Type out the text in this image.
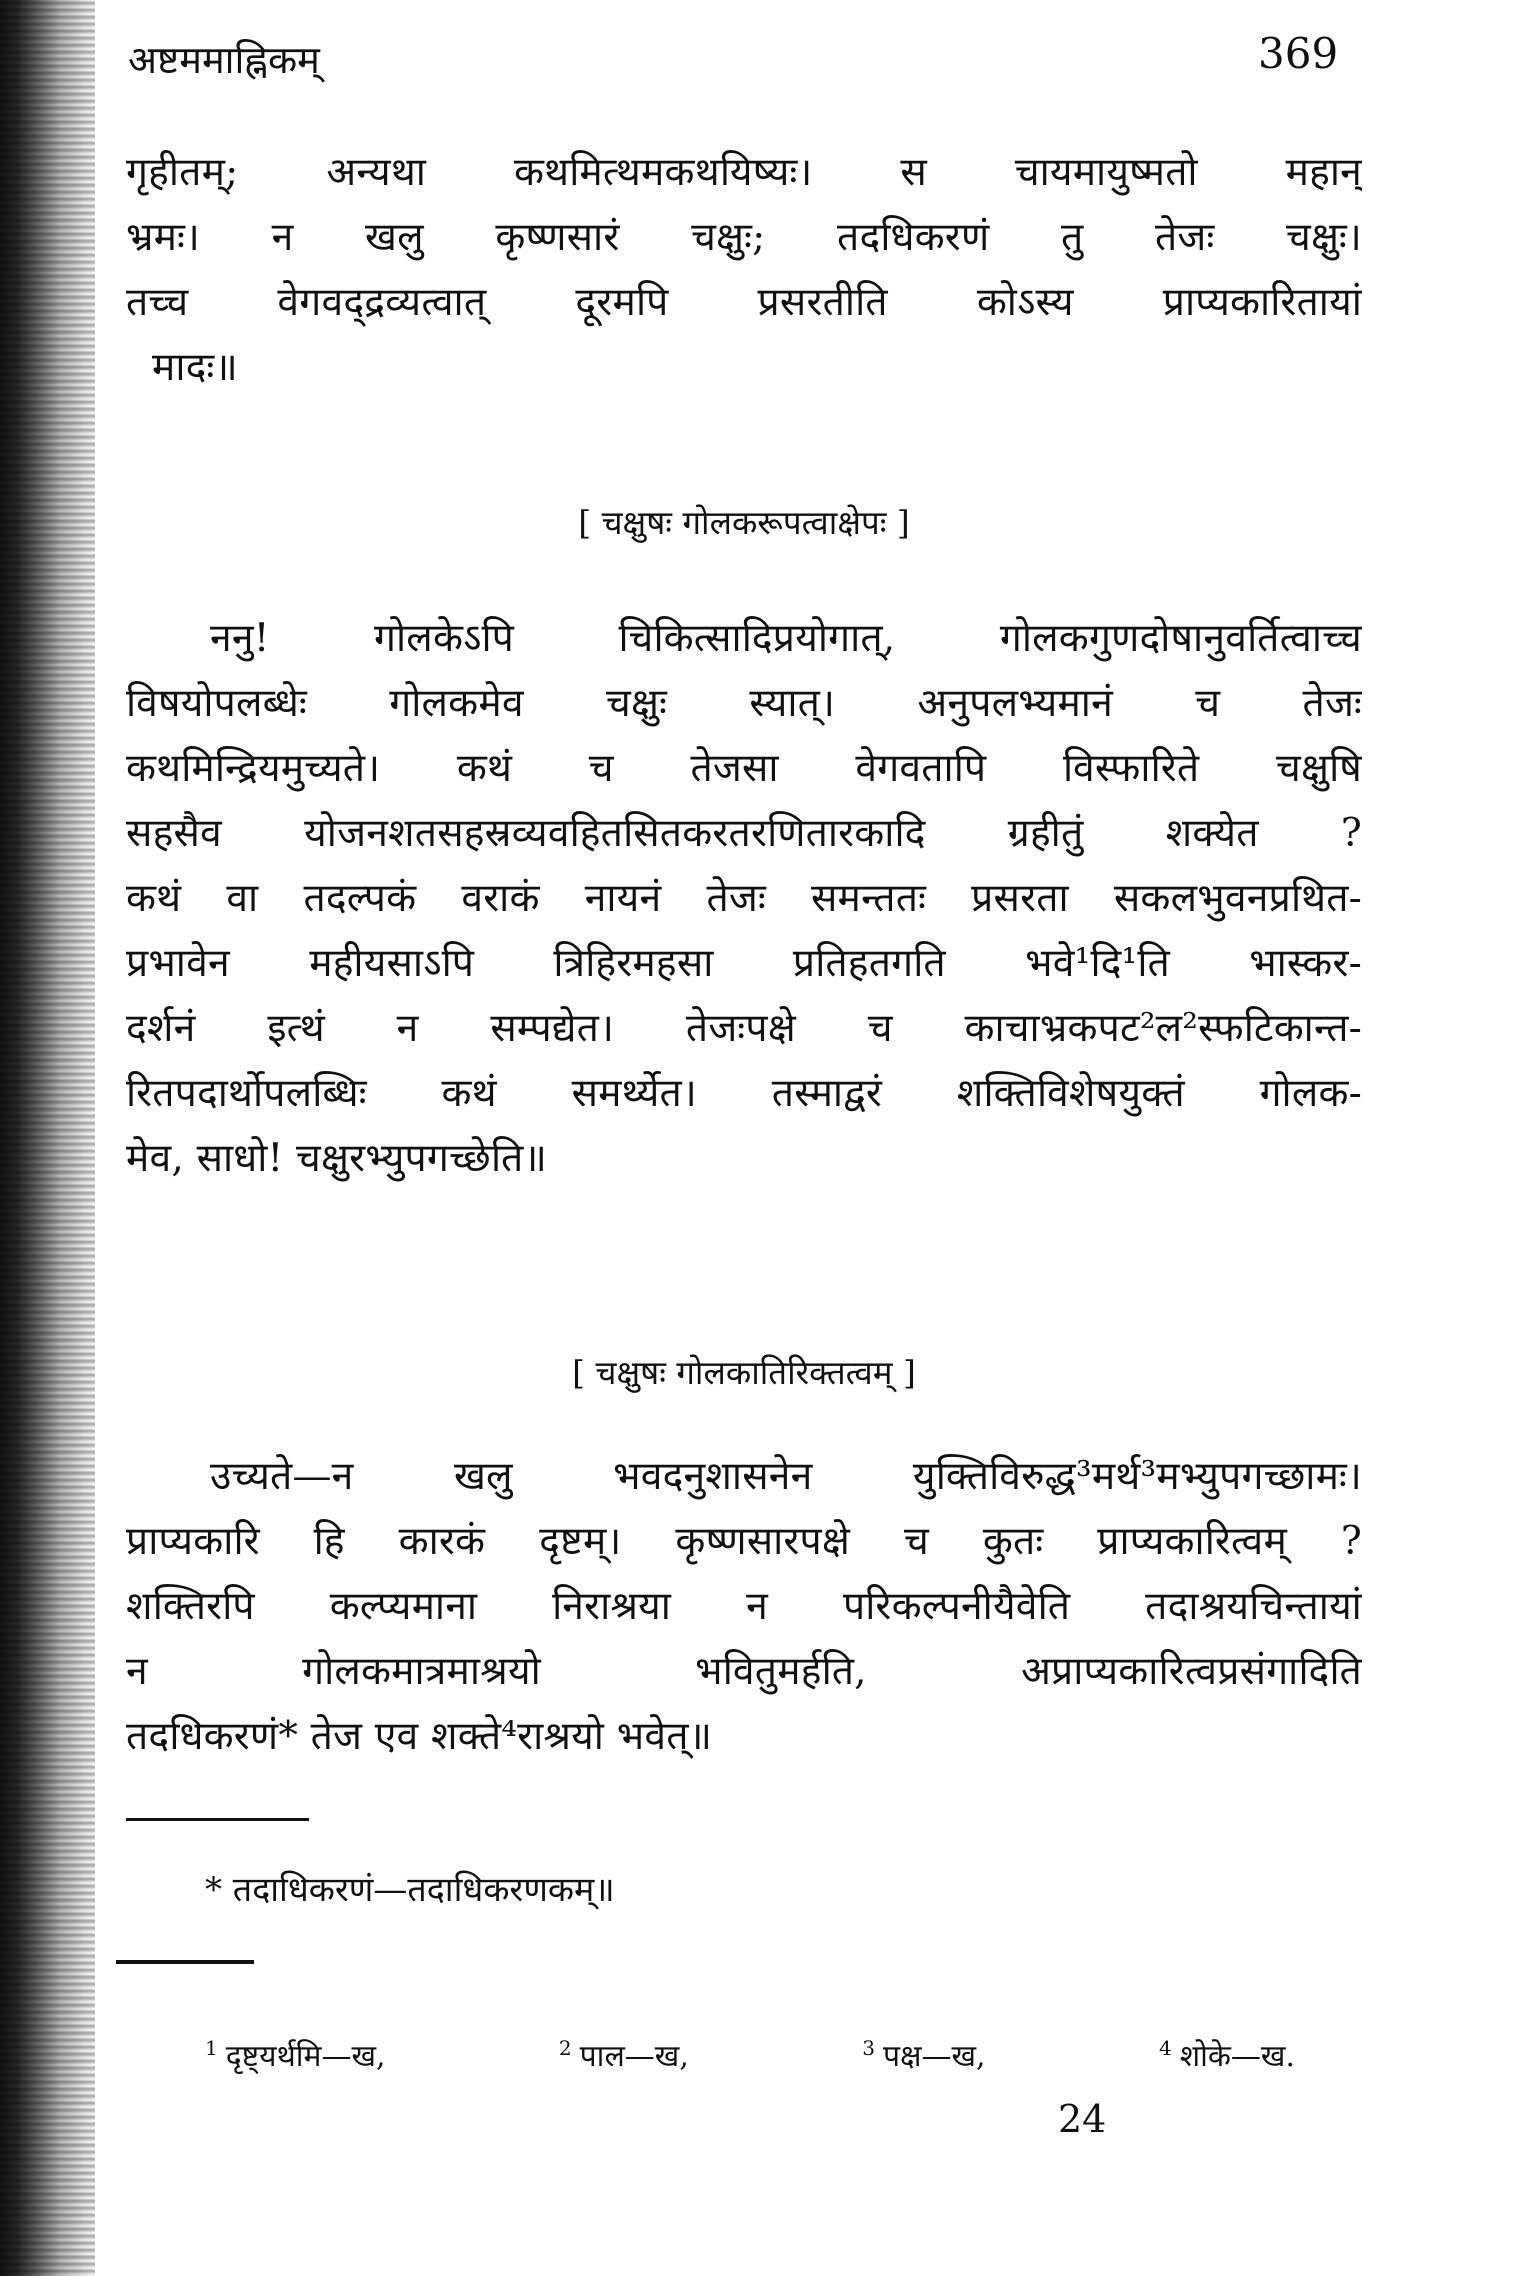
अष्टममाह्निकम्	369
गृहीतम्; अन्यथा कथमित्थमकथयिष्यः। स चायमायुष्मतो महान्
भ्रमः। न खलु कृष्णसारं चक्षुः; तदधिकरणं तु तेजः चक्षुः।
तच्च वेगवद्द्रव्यत्वात् दूरमपि प्रसरतीति कोऽस्य प्राप्यकारितायां
मादः॥
[ चक्षुषः गोलकरूपत्वाक्षेपः ]
ननु! गोलकेऽपि चिकित्सादिप्रयोगात्, गोलकगुणदोषानुवर्तित्वाच्च
विषयोपलब्धेः गोलकमेव चक्षुः स्यात्। अनुपलभ्यमानं च तेजः
कथमिन्द्रियमुच्यते। कथं च तेजसा वेगवतापि विस्फारिते चक्षुषि
सहसैव योजनशतसहस्रव्यवहितसितकरतरणितारकादि ग्रहीतुं शक्येत ?
कथं वा तदल्पकं वराकं नायनं तेजः समन्ततः प्रसरता सकलभुवनप्रथित-
प्रभावेन महीयसाऽपि त्रिहिरमहसा प्रतिहतगति भवे¹दि¹ति भास्कर-
दर्शनं इत्थं न सम्पद्येत। तेजःपक्षे च काचाभ्रकपट²ल²स्फटिकान्त-
रितपदार्थोपलब्धिः कथं समर्थ्येत। तस्माद्वरं शक्तिविशेषयुक्तं गोलक-
मेव, साधो! चक्षुरभ्युपगच्छेति॥
[ चक्षुषः गोलकातिरिक्तत्वम् ]
उच्यते—न खलु भवदनुशासनेन युक्तिविरुद्ध³मर्थ³मभ्युपगच्छामः।
प्राप्यकारि हि कारकं दृष्टम्। कृष्णसारपक्षे च कुतः प्राप्यकारित्वम् ?
शक्तिरपि कल्प्यमाना निराश्रया न परिकल्पनीयैवेति तदाश्रयचिन्तायां
न गोलकमात्रमाश्रयो भवितुमर्हति, अप्राप्यकारित्वप्रसंगादिति
तदधिकरणं* तेज एव शक्ते⁴राश्रयो भवेत्॥
* तदाधिकरणं—तदाधिकरणकम्॥
$^1$ दृष्ट्यर्थमि—ख,	$^2$ पाल—ख,	$^3$ पक्ष—ख,	$^4$ शोके—ख.
24
